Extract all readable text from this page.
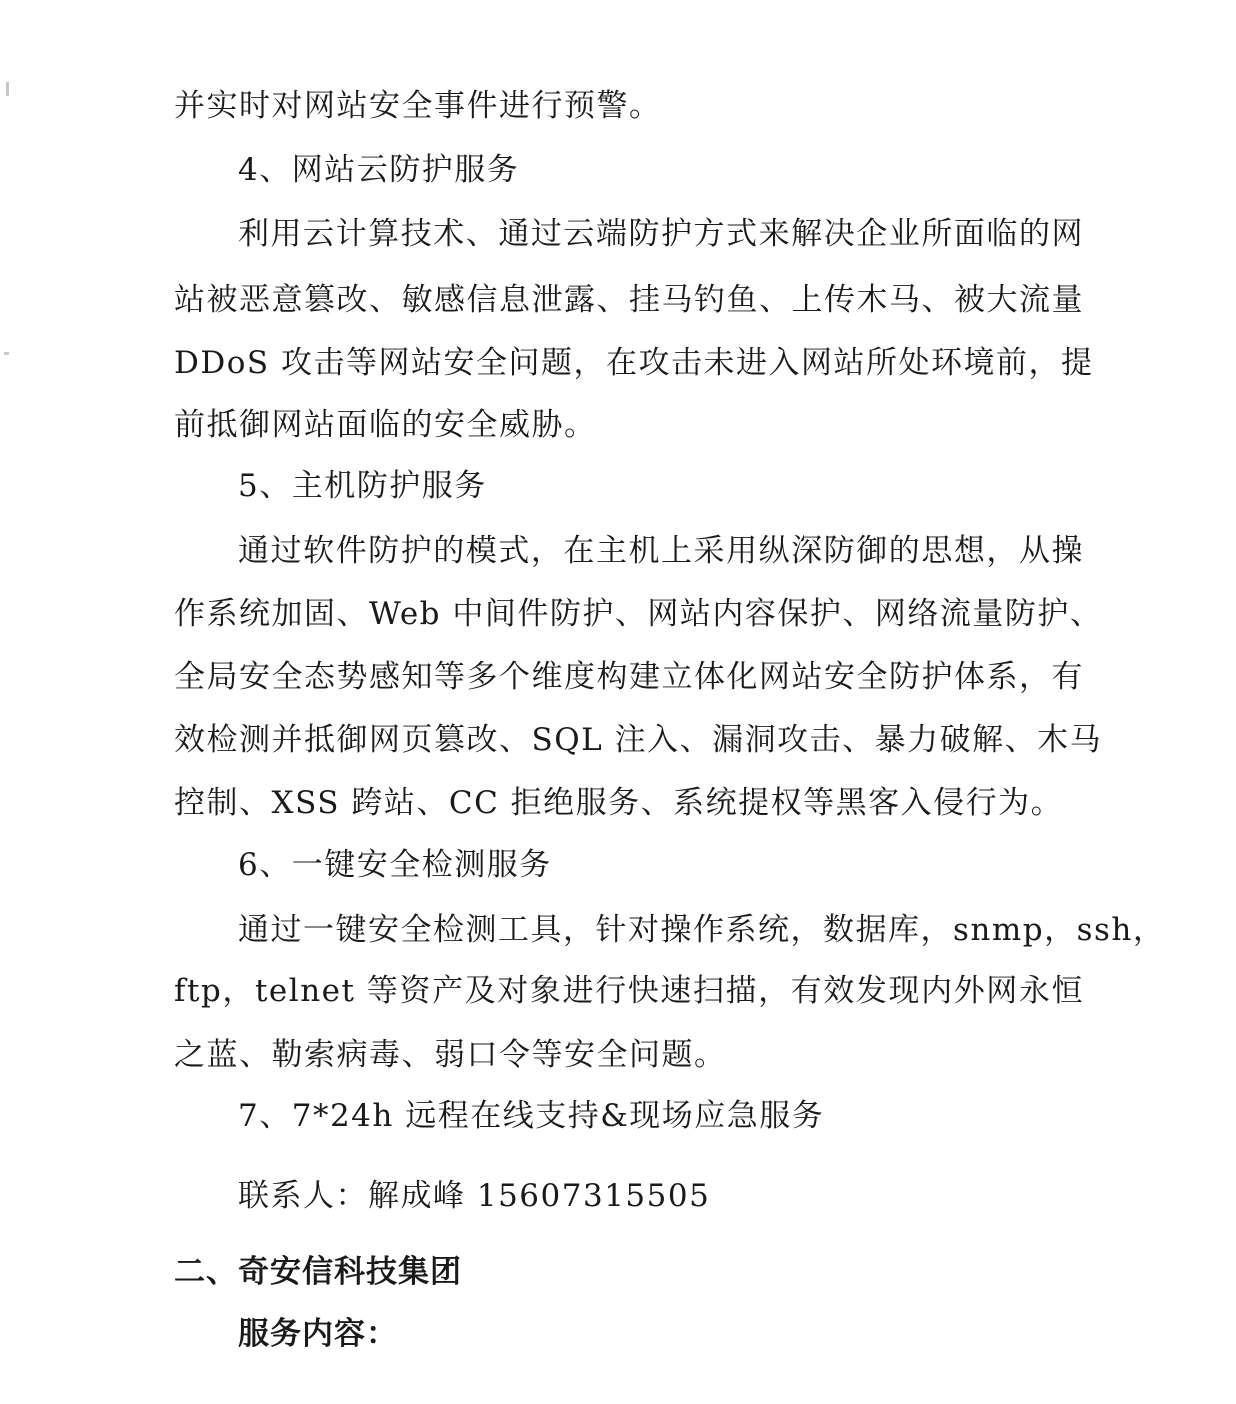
并实时对网站安全事件进行预警。
4、网站云防护服务
利用云计算技术、通过云端防护方式来解决企业所面临的网
站被恶意篡改、敏感信息泄露、挂马钓鱼、上传木马、被大流量
DDoS 攻击等网站安全问题，在攻击未进入网站所处环境前，提
前抵御网站面临的安全威胁。
5、主机防护服务
通过软件防护的模式，在主机上采用纵深防御的思想，从操
作系统加固、Web 中间件防护、网站内容保护、网络流量防护、
全局安全态势感知等多个维度构建立体化网站安全防护体系，有
效检测并抵御网页篡改、SQL 注入、漏洞攻击、暴力破解、木马
控制、XSS 跨站、CC 拒绝服务、系统提权等黑客入侵行为。
6、一键安全检测服务
通过一键安全检测工具，针对操作系统，数据库，snmp，ssh，
ftp，telnet 等资产及对象进行快速扫描，有效发现内外网永恒
之蓝、勒索病毒、弱口令等安全问题。
7、7*24h 远程在线支持&现场应急服务
联系人：解成峰 15607315505
二、奇安信科技集团
服务内容：
